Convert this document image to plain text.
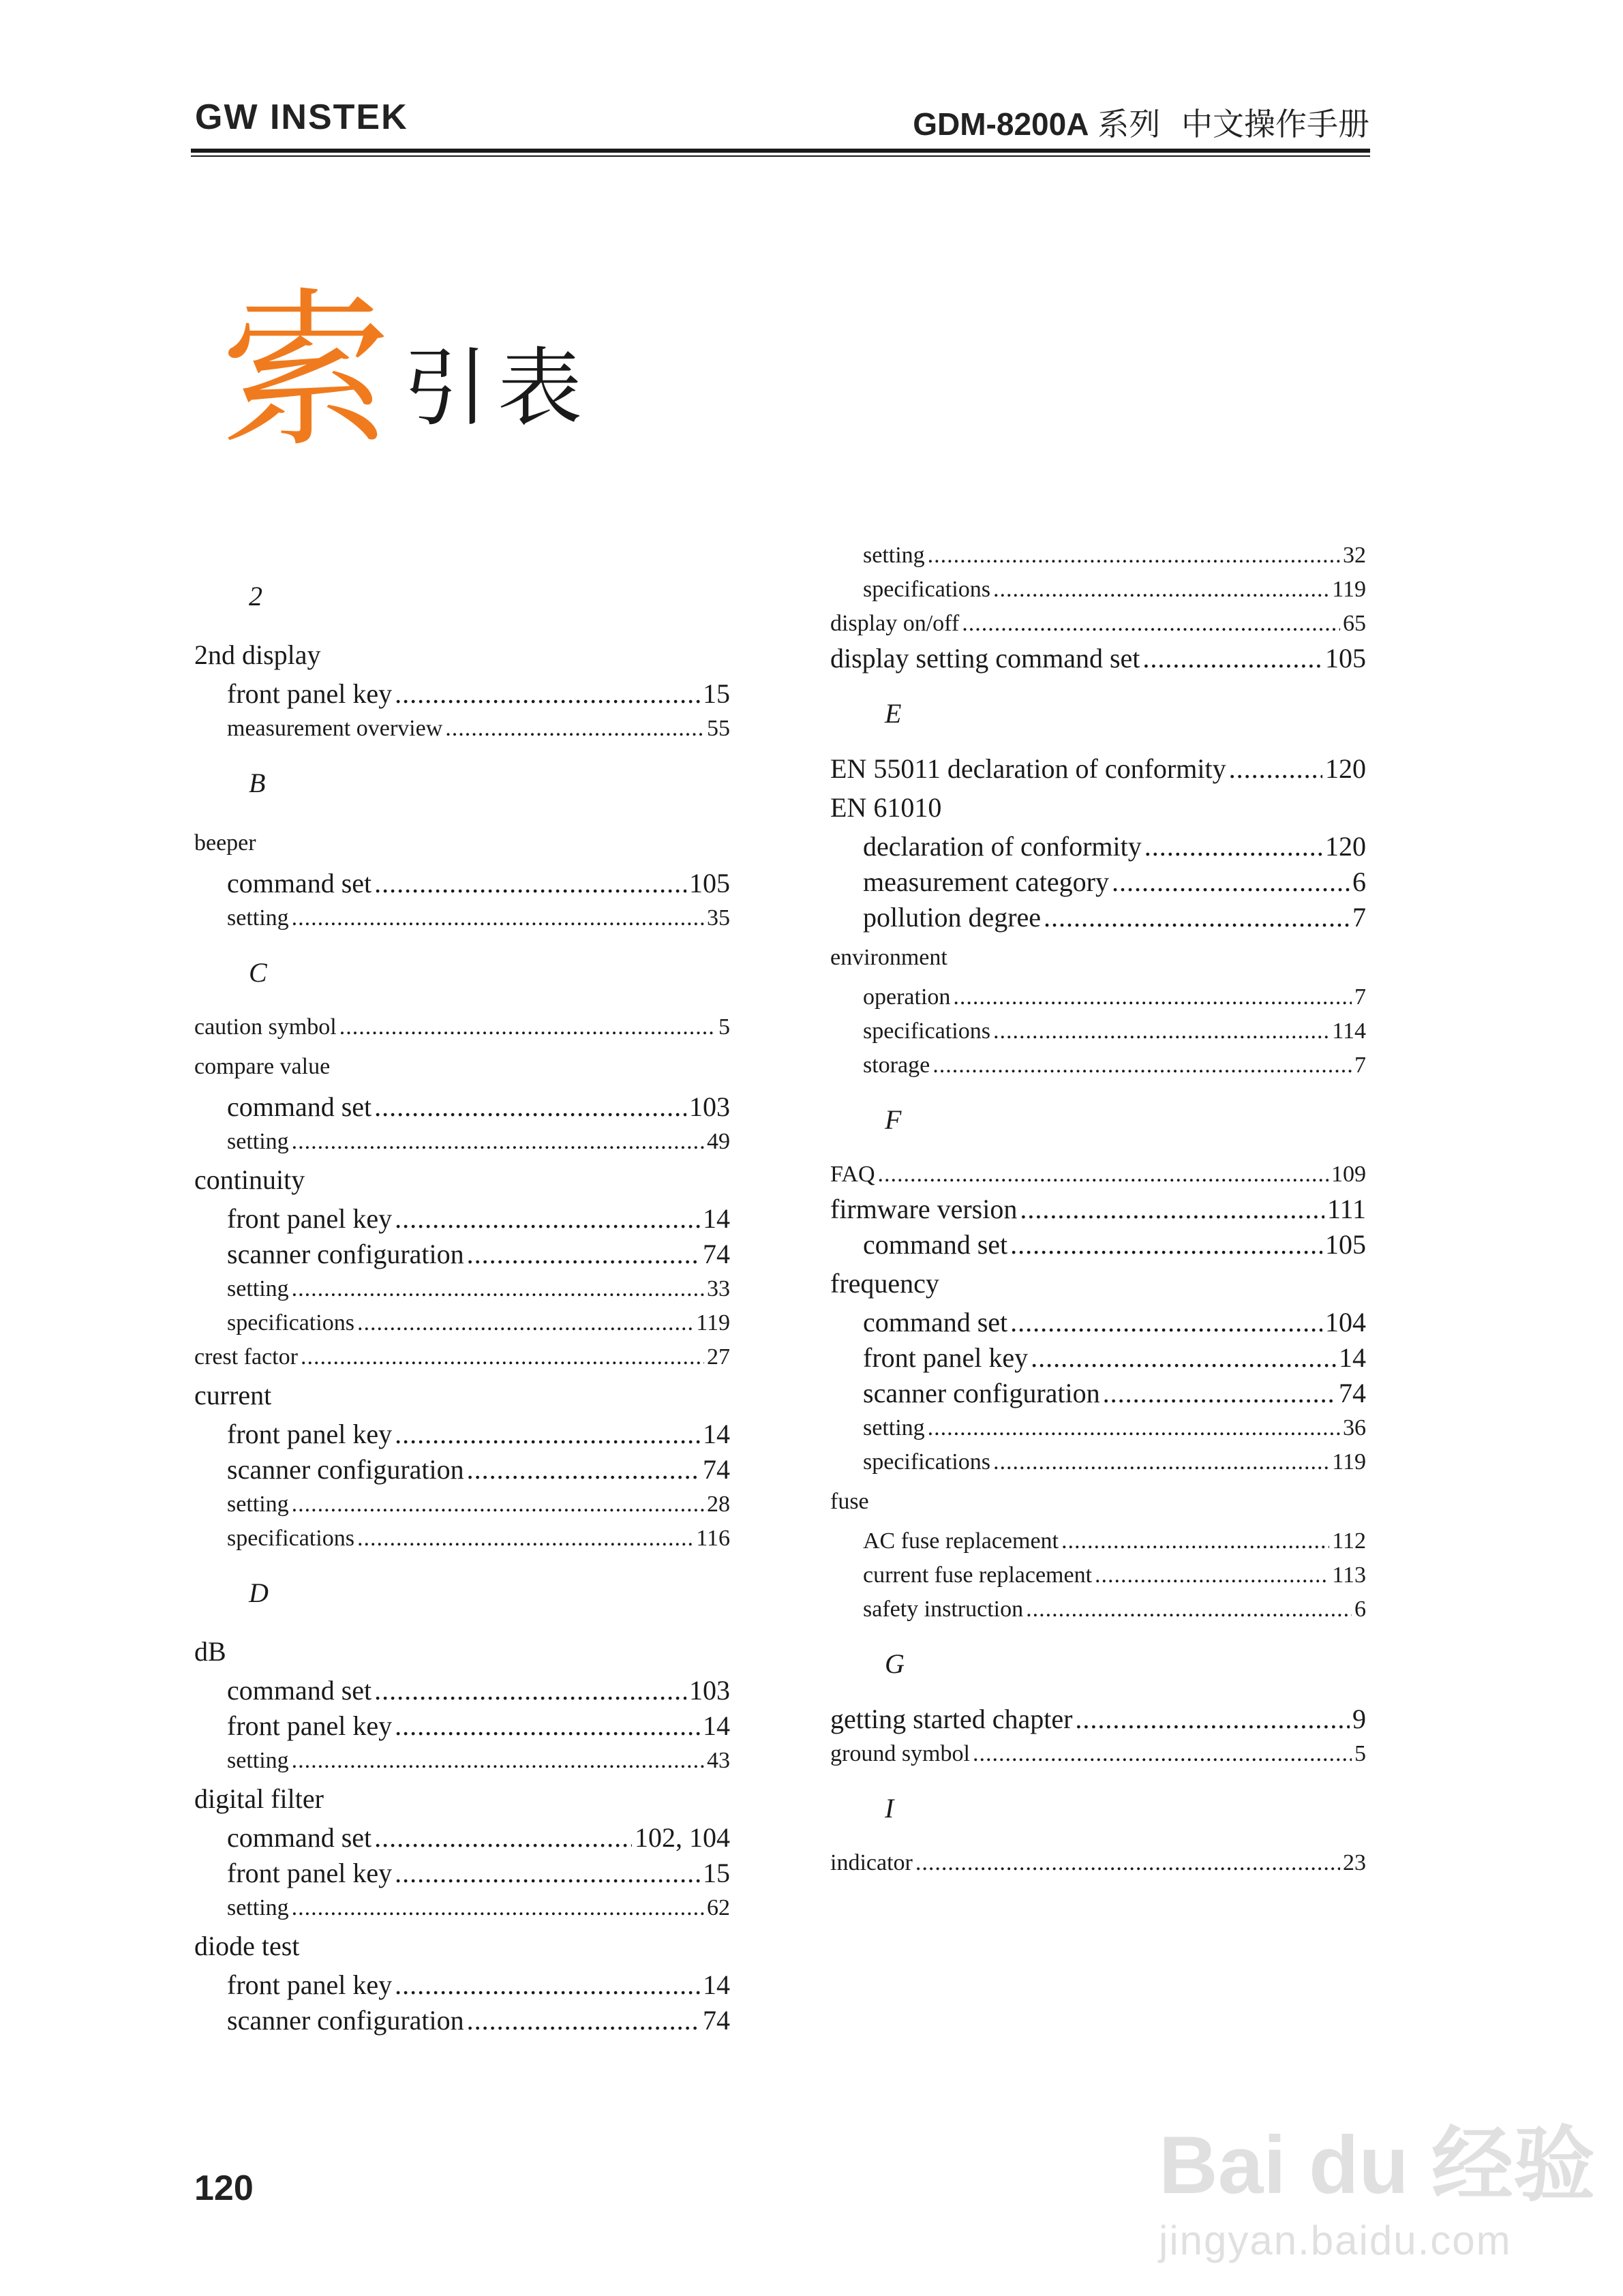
GW INSTEK	GDM-8200A 系列 中文操作手册
索引表
2
2nd display
front panel key .....	15
measurement overview .....	55
B
beeper
command set .....	105
setting .....	35
C
caution symbol .....	5
compare value
command set .....	103
setting .....	49
continuity
front panel key .....	14
scanner configuration .....	74
setting .....	33
specifications .....	119
crest factor .....	27
current
front panel key .....	14
scanner configuration .....	74
setting .....	28
specifications .....	116
D
dB
command set .....	103
front panel key .....	14
setting .....	43
digital filter
command set .....	102, 104
front panel key .....	15
setting .....	62
diode test
front panel key .....	14
scanner configuration .....	74
setting .....	32
specifications .....	119
display on/off .....	65
display setting command set .....	105
E
EN 55011 declaration of conformity .....	120
EN 61010
declaration of conformity .....	120
measurement category .....	6
pollution degree .....	7
environment
operation .....	7
specifications .....	114
storage .....	7
F
FAQ .....	109
firmware version .....	111
command set .....	105
frequency
command set .....	104
front panel key .....	14
scanner configuration .....	74
setting .....	36
specifications .....	119
fuse
AC fuse replacement .....	112
current fuse replacement .....	113
safety instruction .....	6
G
getting started chapter .....	9
ground symbol .....	5
I
indicator .....	23
120	Bai du 经验
jingyan.baidu.com
